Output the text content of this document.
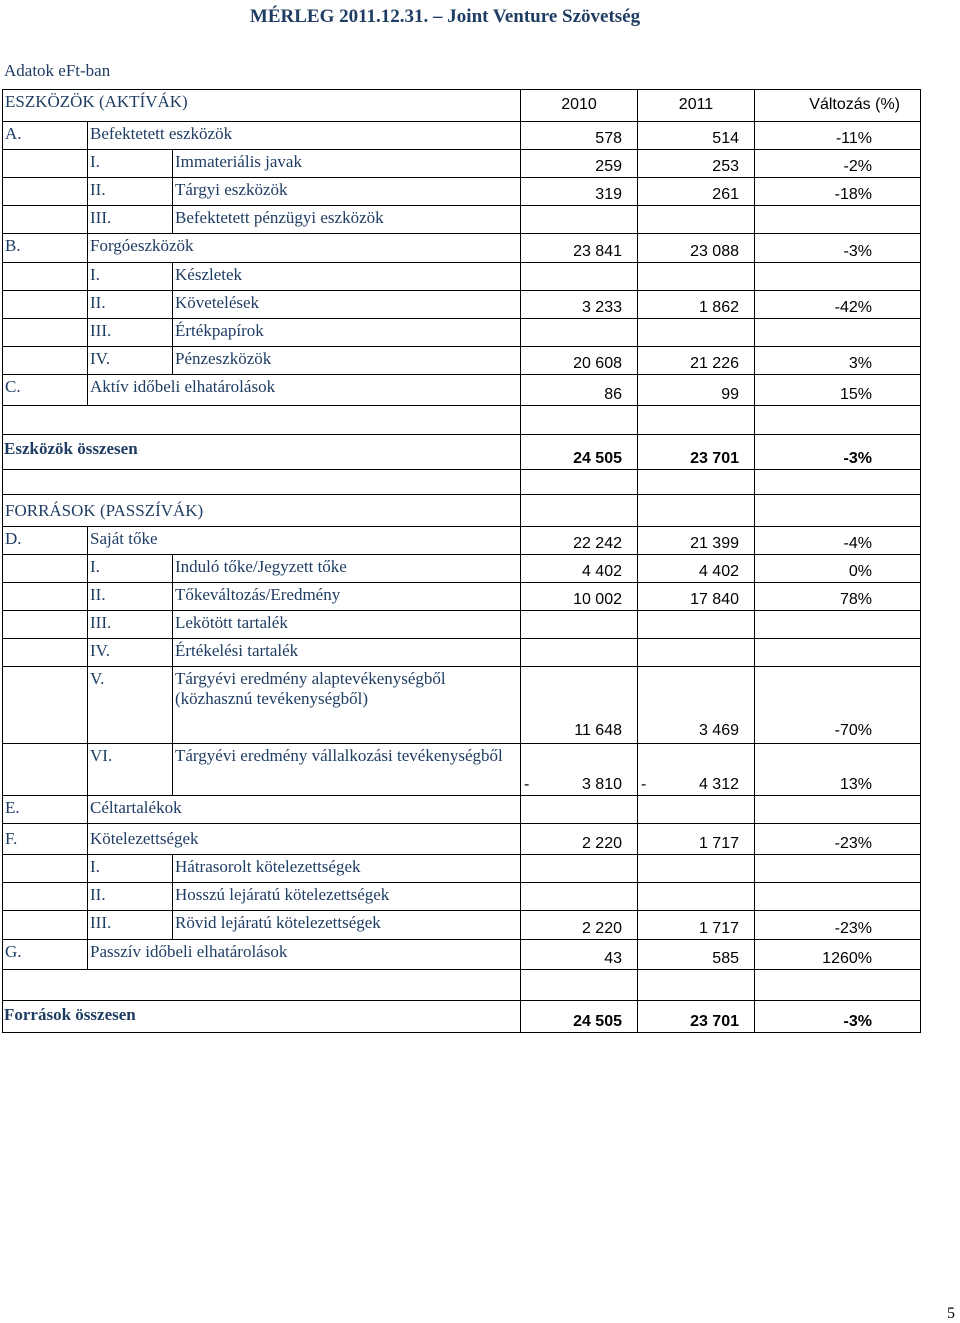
MÉRLEG 2011.12.31. – Joint Venture Szövetség
Adatok eFt-ban
ESZKÖZÖK (AKTÍVÁK)			2010	2011	Változás (%)
A.	Befektetett eszközök		578	514	-11%
	I.	Immateriális javak	259	253	-2%
	II.	Tárgyi eszközök	319	261	-18%
	III.	Befektetett pénzügyi eszközök			
B.	Forgóeszközök		23 841	23 088	-3%
	I.	Készletek			
	II.	Követelések	3 233	1 862	-42%
	III.	Értékpapírok			
	IV.	Pénzeszközök	20 608	21 226	3%
C.	Aktív időbeli elhatárolások		86	99	15%

Eszközök összesen			24 505	23 701	-3%

FORRÁSOK (PASSZÍVÁK)					
D.	Saját tőke		22 242	21 399	-4%
	I.	Induló tőke/Jegyzett tőke	4 402	4 402	0%
	II.	Tőkeváltozás/Eredmény	10 002	17 840	78%
	III.	Lekötött tartalék			
	IV.	Értékelési tartalék			
	V.	Tárgyévi eredmény alaptevékenységből (közhasznú tevékenységből)	11 648	3 469	-70%
	VI.	Tárgyévi eredmény vállalkozási tevékenységből	- 3 810	- 4 312	13%
E.	Céltartalékok				
F.	Kötelezettségek		2 220	1 717	-23%
	I.	Hátrasorolt kötelezettségek			
	II.	Hosszú lejáratú kötelezettségek			
	III.	Rövid lejáratú kötelezettségek	2 220	1 717	-23%
G.	Passzív időbeli elhatárolások		43	585	1260%

Források összesen			24 505	23 701	-3%
5
